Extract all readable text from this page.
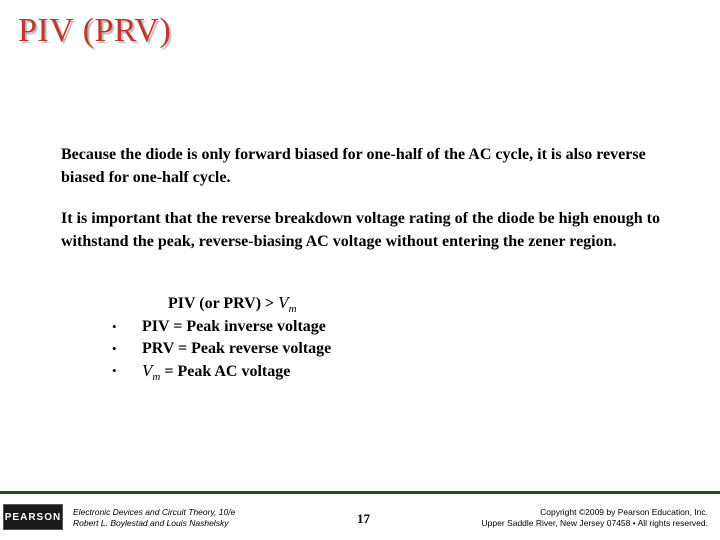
PIV (PRV)
Because the diode is only forward biased for one-half of the AC cycle, it is also reverse biased for one-half cycle.
It is important that the reverse breakdown voltage rating of the diode be high enough to withstand the peak, reverse-biasing AC voltage without entering the zener region.
PIV (or $PRV) > V_m$
• PIV = Peak inverse voltage
• PRV = Peak reverse voltage
• $V_m$ = Peak AC voltage
PEARSON Electronic Devices and Circuit Theory, 10/e
Robert L. Boylestad and Louis Nashelsky	17	Copyright ©2009 by Pearson Education, Inc.
Upper Saddle River, New Jersey 07458 • All rights reserved.
